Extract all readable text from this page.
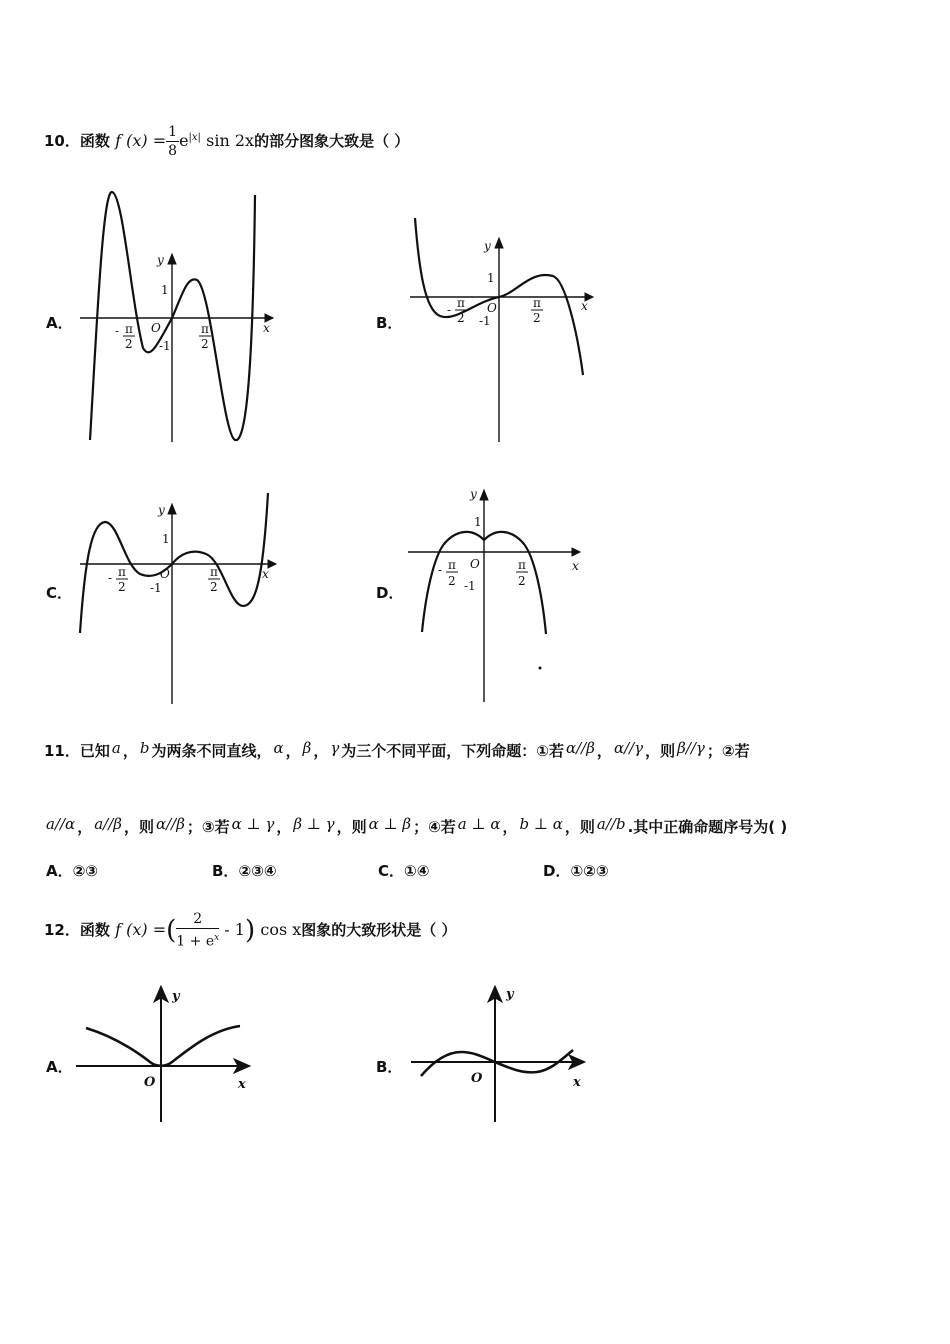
10．函数 f $(x) = \frac{1}{8} e^{|x|}$ sin 2x的部分图象大致是（ ）
A．	B．
C．	D．
y
x
O
1
-1
- π
2
π
2
y
x
O
1
-1
- π
2
π
2
y
x
O
1
-1
- π
2
π
2
y
x
O
1
-1
- π
2
π
2
11．已知 a ， b 为两条不同直线， α ， β ， γ 为三个不同平面，下列命题：①若 α//β ， α//γ ，则 β//γ ；②若
a//α ， a//β ，则 α//β ；③若 α ⊥ γ ， β ⊥ γ ，则 α ⊥ β ；④若 a ⊥ α ， b ⊥ α ，则 a//b .其中正确命题序号为( )
A．②③	B．②③④	C．①④	D．①②③
12．函数 f (x) =( $\frac{2}{1 + e^x} - 1$) cos x图象的大致形状是（ ）
A．	B．
y
x
O
y
x
O
